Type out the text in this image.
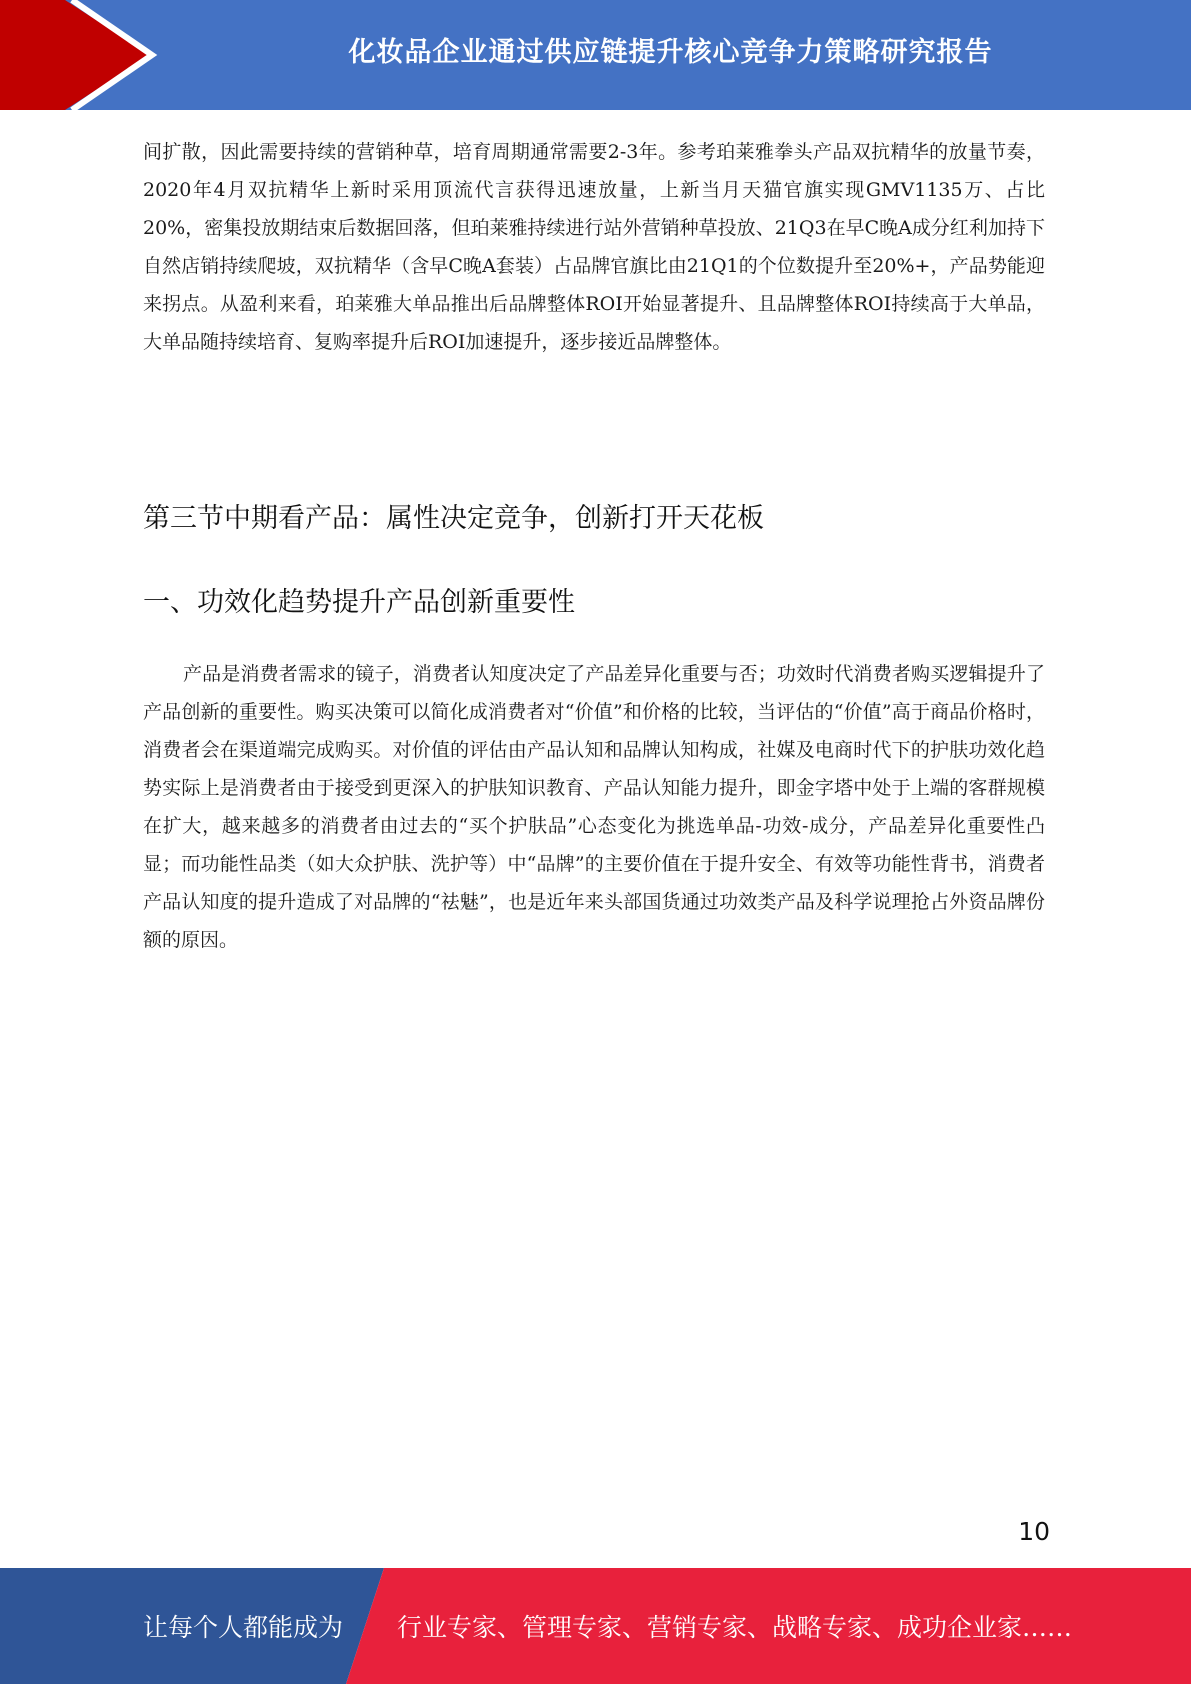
化妆品企业通过供应链提升核心竞争力策略研究报告

间扩散，因此需要持续的营销种草，培育周期通常需要2-3年。参考珀莱雅拳头产品双抗精华的放量节奏，2020年4月双抗精华上新时采用顶流代言获得迅速放量，上新当月天猫官旗实现GMV1135万、占比20%，密集投放期结束后数据回落，但珀莱雅持续进行站外营销种草投放、21Q3在早C晚A成分红利加持下自然店销持续爬坡，双抗精华（含早C晚A套装）占品牌官旗比由21Q1的个位数提升至20%+，产品势能迎来拐点。从盈利来看，珀莱雅大单品推出后品牌整体ROI开始显著提升、且品牌整体ROI持续高于大单品，大单品随持续培育、复购率提升后ROI加速提升，逐步接近品牌整体。

第三节中期看产品：属性决定竞争，创新打开天花板
一、功效化趋势提升产品创新重要性

产品是消费者需求的镜子，消费者认知度决定了产品差异化重要与否；功效时代消费者购买逻辑提升了产品创新的重要性。购买决策可以简化成消费者对“价值”和价格的比较，当评估的“价值”高于商品价格时，消费者会在渠道端完成购买。对价值的评估由产品认知和品牌认知构成，社媒及电商时代下的护肤功效化趋势实际上是消费者由于接受到更深入的护肤知识教育、产品认知能力提升，即金字塔中处于上端的客群规模在扩大，越来越多的消费者由过去的“买个护肤品”心态变化为挑选单品-功效-成分，产品差异化重要性凸显；而功能性品类（如大众护肤、洗护等）中“品牌”的主要价值在于提升安全、有效等功能性背书，消费者产品认知度的提升造成了对品牌的“祛魅”，也是近年来头部国货通过功效类产品及科学说理抢占外资品牌份额的原因。

10
让每个人都能成为 行业专家、管理专家、营销专家、战略专家、成功企业家……
